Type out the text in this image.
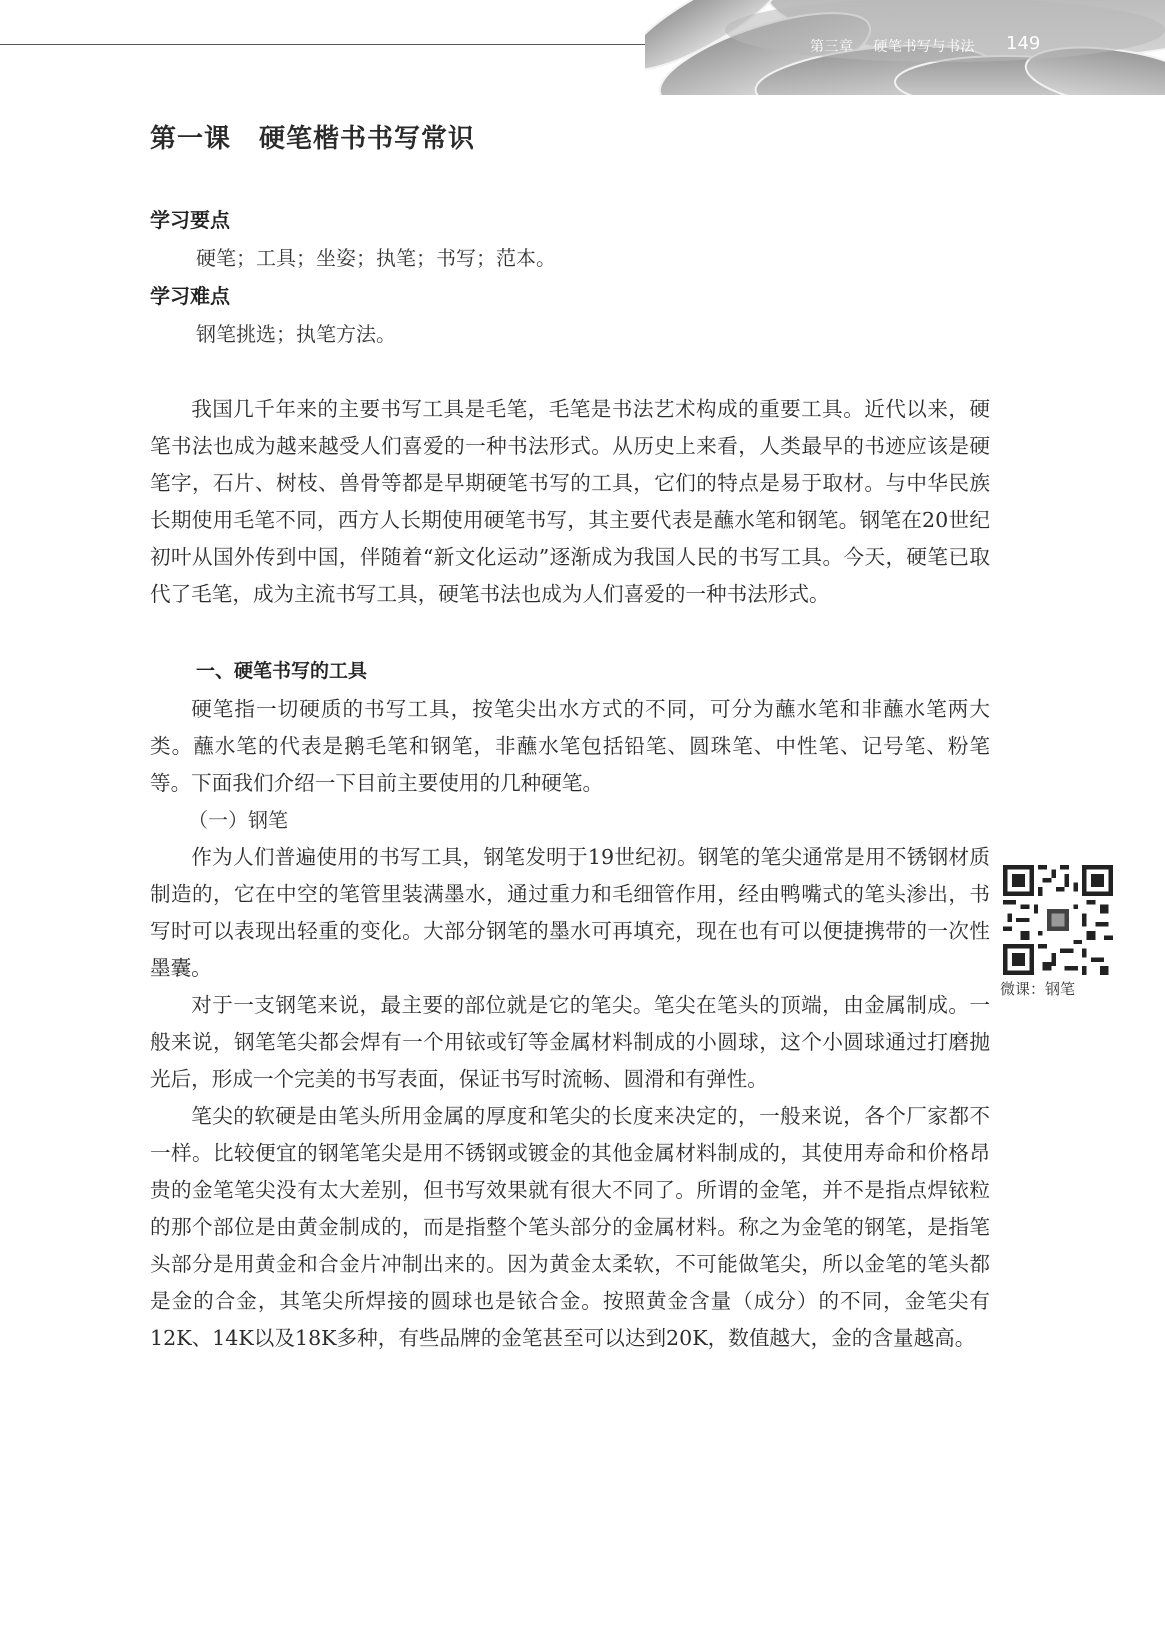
第三章 硬笔书写与书法 149
第一课 硬笔楷书书写常识
学习要点
硬笔；工具；坐姿；执笔；书写；范本。
学习难点
钢笔挑选；执笔方法。

我国几千年来的主要书写工具是毛笔，毛笔是书法艺术构成的重要工具。近代以来，硬笔书法也成为越来越受人们喜爱的一种书法形式。从历史上来看，人类最早的书迹应该是硬笔字，石片、树枝、兽骨等都是早期硬笔书写的工具，它们的特点是易于取材。与中华民族长期使用毛笔不同，西方人长期使用硬笔书写，其主要代表是蘸水笔和钢笔。钢笔在20世纪初叶从国外传到中国，伴随着“新文化运动”逐渐成为我国人民的书写工具。今天，硬笔已取代了毛笔，成为主流书写工具，硬笔书法也成为人们喜爱的一种书法形式。

一、硬笔书写的工具

硬笔指一切硬质的书写工具，按笔尖出水方式的不同，可分为蘸水笔和非蘸水笔两大类。蘸水笔的代表是鹅毛笔和钢笔，非蘸水笔包括铅笔、圆珠笔、中性笔、记号笔、粉笔等。下面我们介绍一下目前主要使用的几种硬笔。

（一）钢笔

作为人们普遍使用的书写工具，钢笔发明于19世纪初。钢笔的笔尖通常是用不锈钢材质制造的，它在中空的笔管里装满墨水，通过重力和毛细管作用，经由鸭嘴式的笔头渗出，书写时可以表现出轻重的变化。大部分钢笔的墨水可再填充，现在也有可以便捷携带的一次性墨囊。

对于一支钢笔来说，最主要的部位就是它的笔尖。笔尖在笔头的顶端，由金属制成。一般来说，钢笔笔尖都会焊有一个用铱或钌等金属材料制成的小圆球，这个小圆球通过打磨抛光后，形成一个完美的书写表面，保证书写时流畅、圆滑和有弹性。

笔尖的软硬是由笔头所用金属的厚度和笔尖的长度来决定的，一般来说，各个厂家都不一样。比较便宜的钢笔笔尖是用不锈钢或镀金的其他金属材料制成的，其使用寿命和价格昂贵的金笔笔尖没有太大差别，但书写效果就有很大不同了。所谓的金笔，并不是指点焊铱粒的那个部位是由黄金制成的，而是指整个笔头部分的金属材料。称之为金笔的钢笔，是指笔头部分是用黄金和合金片冲制出来的。因为黄金太柔软，不可能做笔尖，所以金笔的笔头都是金的合金，其笔尖所焊接的圆球也是铱合金。按照黄金含量（成分）的不同，金笔尖有12K、14K以及18K多种，有些品牌的金笔甚至可以达到20K，数值越大，金的含量越高。

微课：钢笔
